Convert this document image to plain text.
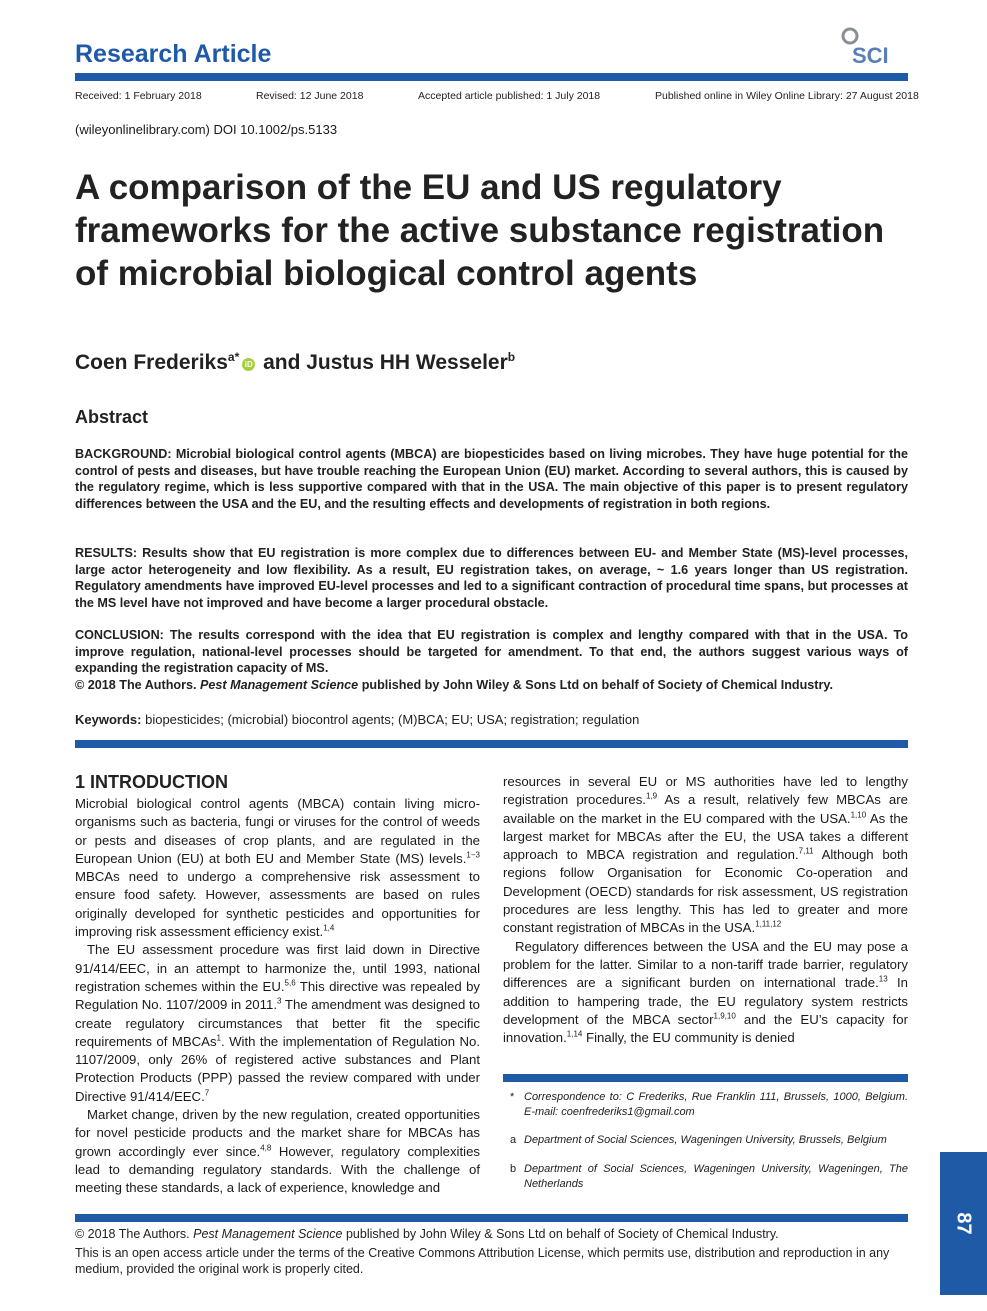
Research Article	SCI
Received: 1 February 2018	Revised: 12 June 2018	Accepted article published: 1 July 2018	Published online in Wiley Online Library: 27 August 2018
(wileyonlinelibrary.com) DOI 10.1002/ps.5133
A comparison of the EU and US regulatory frameworks for the active substance registration of microbial biological control agents
Coen Frederiks$^{a*}$iD and Justus HH Wesseler$^b$
Abstract
BACKGROUND: Microbial biological control agents (MBCA) are biopesticides based on living microbes. They have huge potential for the control of pests and diseases, but have trouble reaching the European Union (EU) market. According to several authors, this is caused by the regulatory regime, which is less supportive compared with that in the USA. The main objective of this paper is to present regulatory differences between the USA and the EU, and the resulting effects and developments of registration in both regions.
RESULTS: Results show that EU registration is more complex due to differences between EU- and Member State (MS)-level processes, large actor heterogeneity and low flexibility. As a result, EU registration takes, on average, ~ 1.6 years longer than US registration. Regulatory amendments have improved EU-level processes and led to a significant contraction of procedural time spans, but processes at the MS level have not improved and have become a larger procedural obstacle.
CONCLUSION: The results correspond with the idea that EU registration is complex and lengthy compared with that in the USA. To improve regulation, national-level processes should be targeted for amendment. To that end, the authors suggest various ways of expanding the registration capacity of MS.
© 2018 The Authors. Pest Management Science published by John Wiley & Sons Ltd on behalf of Society of Chemical Industry.
Keywords: biopesticides; (microbial) biocontrol agents; (M)BCA; EU; USA; registration; regulation
1 INTRODUCTION

Microbial biological control agents (MBCA) contain living micro-organisms such as bacteria, fungi or viruses for the control of weeds or pests and diseases of crop plants, and are regulated in the European Union (EU) at both EU and Member State (MS) levels.$^{1-3}$ MBCAs need to undergo a comprehensive risk assessment to ensure food safety. However, assessments are based on rules originally developed for synthetic pesticides and opportunities for improving risk assessment efficiency exist.$^{1,4}$

The EU assessment procedure was first laid down in Directive 91/414/EEC, in an attempt to harmonize the, until 1993, national registration schemes within the EU.$^{5,6}$ This directive was repealed by Regulation No. 1107/2009 in 2011.$^3$ The amendment was designed to create regulatory circumstances that better fit the specific requirements of MBCAs$^1$. With the implementation of Regulation No. 1107/2009, only 26% of registered active substances and Plant Protection Products (PPP) passed the review compared with under Directive 91/414/EEC.$^7$

Market change, driven by the new regulation, created opportunities for novel pesticide products and the market share for MBCAs has grown accordingly ever since.$^{4,8}$ However, regulatory complexities lead to demanding regulatory standards. With the challenge of meeting these standards, a lack of experience, knowledge and

resources in several EU or MS authorities have led to lengthy registration procedures.$^{1,9}$ As a result, relatively few MBCAs are available on the market in the EU compared with the USA.$^{1,10}$ As the largest market for MBCAs after the EU, the USA takes a different approach to MBCA registration and regulation.$^{7,11}$ Although both regions follow Organisation for Economic Co-operation and Development (OECD) standards for risk assessment, US registration procedures are less lengthy. This has led to greater and more constant registration of MBCAs in the USA.$^{1,11,12}$

Regulatory differences between the USA and the EU may pose a problem for the latter. Similar to a non-tariff trade barrier, regulatory differences are a significant burden on international trade.$^{13}$ In addition to hampering trade, the EU regulatory system restricts development of the MBCA sector$^{1,9,10}$ and the EU’s capacity for innovation.$^{1,14}$ Finally, the EU community is denied

* Correspondence to: C Frederiks, Rue Franklin 111, Brussels, 1000, Belgium. E-mail: coenfrederiks1@gmail.com
a Department of Social Sciences, Wageningen University, Brussels, Belgium
b Department of Social Sciences, Wageningen University, Wageningen, The Netherlands
© 2018 The Authors. Pest Management Science published by John Wiley & Sons Ltd on behalf of Society of Chemical Industry.
This is an open access article under the terms of the Creative Commons Attribution License, which permits use, distribution and reproduction in any medium, provided the original work is properly cited.
87
